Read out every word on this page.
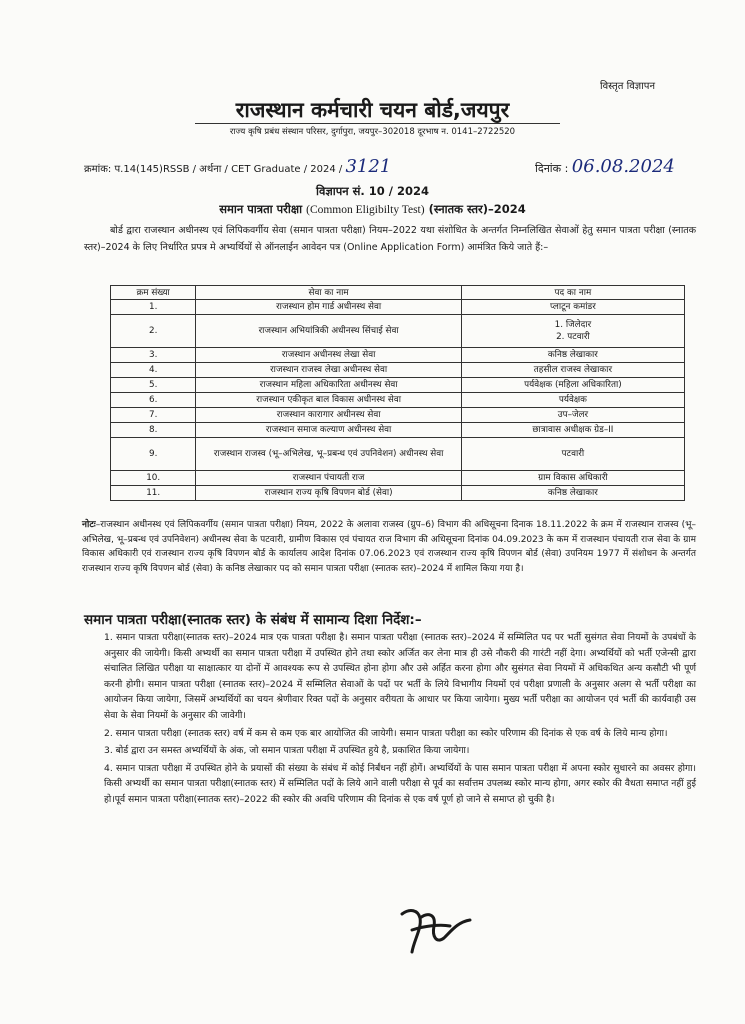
विस्तृत विज्ञापन
राजस्थान कर्मचारी चयन बोर्ड,जयपुर
राज्य कृषि प्रबंध संस्थान परिसर, दुर्गापुरा, जयपुर–302018 दूरभाष न. 0141–2722520
क्रमांक: प.14(145)RSSB / अर्थना / CET Graduate / 2024 / 3121	दिनांक : 06.08.2024
विज्ञापन सं. 10 / 2024
समान पात्रता परीक्षा (Common Eligibilty Test) (स्नातक स्तर)–2024
बोर्ड द्वारा राजस्थान अधीनस्थ एवं लिपिकवर्गीय सेवा (समान पात्रता परीक्षा) नियम–2022 यथा संशोधित के अन्तर्गत निम्नलिखित सेवाओं हेतु समान पात्रता परीक्षा (स्नातक स्तर)–2024 के लिए निर्धारित प्रपत्र मे अभ्यर्थियों से ऑनलाईन आवेदन पत्र (Online Application Form) आमंत्रित किये जाते हैं:–
क्रम संख्या	सेवा का नाम	पद का नाम
1.	राजस्थान होम गार्ड अधीनस्थ सेवा	प्लाटून कमांडर
2.	राजस्थान अभियांत्रिकी अधीनस्थ सिंचाई सेवा	1. जिलेदार
2. पटवारी
3.	राजस्थान अधीनस्थ लेखा सेवा	कनिष्ठ लेखाकार
4.	राजस्थान राजस्व लेखा अधीनस्थ सेवा	तहसील राजस्व लेखाकार
5.	राजस्थान महिला अधिकारिता अधीनस्थ सेवा	पर्यवेक्षक (महिला अधिकारिता)
6.	राजस्थान एकीकृत बाल विकास अधीनस्थ सेवा	पर्यवेक्षक
7.	राजस्थान कारागार अधीनस्थ सेवा	उप–जेलर
8.	राजस्थान समाज कल्याण अधीनस्थ सेवा	छात्रावास अधीक्षक ग्रेड–II
9.	राजस्थान राजस्व (भू–अभिलेख, भू–प्रबन्ध एवं उपनिवेशन) अधीनस्थ सेवा	पटवारी
10.	राजस्थान पंचायती राज	ग्राम विकास अधिकारी
11.	राजस्थान राज्य कृषि विपणन बोर्ड (सेवा)	कनिष्ठ लेखाकार
नोटः–राजस्थान अधीनस्थ एवं लिपिकवर्गीय (समान पात्रता परीक्षा) नियम, 2022 के अलावा राजस्व (ग्रुप–6) विभाग की अधिसूचना दिनाक 18.11.2022 के क्रम में राजस्थान राजस्व (भू–अभिलेख, भू–प्रबन्ध एवं उपनिवेशन) अधीनस्थ सेवा के पटवारी, ग्रामीण विकास एवं पंचायत राज विभाग की अधिसूचना दिनांक 04.09.2023 के कम में राजस्थान पंचायती राज सेवा के ग्राम विकास अधिकारी एवं राजस्थान राज्य कृषि विपणन बोर्ड के कार्यालय आदेश दिनांक 07.06.2023 एवं राजस्थान राज्य कृषि विपणन बोर्ड (सेवा) उपनियम 1977 में संशोधन के अन्तर्गत राजस्थान राज्य कृषि विपणन बोर्ड (सेवा) के कनिष्ठ लेखाकार पद को समान पात्रता परीक्षा (स्नातक स्तर)–2024 में शामिल किया गया है।
समान पात्रता परीक्षा(स्नातक स्तर) के संबंध में सामान्य दिशा निर्देश:–
1. समान पात्रता परीक्षा(स्नातक स्तर)–2024 मात्र एक पात्रता परीक्षा है। समान पात्रता परीक्षा (स्नातक स्तर)–2024 में सम्मिलित पद पर भर्ती सुसंगत सेवा नियमों के उपबंधों के अनुसार की जायेगी। किसी अभ्यर्थी का समान पात्रता परीक्षा में उपस्थित होने तथा स्कोर अर्जित कर लेना मात्र ही उसे नौकरी की गारंटी नहीं देगा। अभ्यर्थियों को भर्ती एजेन्सी द्वारा संचालित लिखित परीक्षा या साक्षात्कार या दोनों में आवश्यक रूप से उपस्थित होना होगा और उसे अर्हित करना होगा और सुसंगत सेवा नियमों में अधिकथित अन्य कसौटी भी पूर्ण करनी होगी। समान पात्रता परीक्षा (स्नातक स्तर)–2024 में सम्मिलित सेवाओं के पदों पर भर्ती के लिये विभागीय नियमों एवं परीक्षा प्रणाली के अनुसार अलग से भर्ती परीक्षा का आयोजन किया जायेगा, जिसमें अभ्यर्थियों का चयन श्रेणीवार रिक्त पदों के अनुसार वरीयता के आधार पर किया जायेगा। मुख्य भर्ती परीक्षा का आयोजन एवं भर्ती की कार्यवाही उस सेवा के सेवा नियमों के अनुसार की जावेगी।
2. समान पात्रता परीक्षा (स्नातक स्तर) वर्ष में कम से कम एक बार आयोजित की जायेगी। समान पात्रता परीक्षा का स्कोर परिणाम की दिनांक से एक वर्ष के लिये मान्य होगा।
3. बोर्ड द्वारा उन समस्त अभ्यर्थियों के अंक, जो समान पात्रता परीक्षा में उपस्थित हुये है, प्रकाशित किया जायेगा।
4. समान पात्रता परीक्षा में उपस्थित होने के प्रयासों की संख्या के संबंध में कोई निर्बंधन नहीं होगें। अभ्यर्थियों के पास समान पात्रता परीक्षा में अपना स्कोर सुधारने का अवसर होगा। किसी अभ्यर्थी का समान पात्रता परीक्षा(स्नातक स्तर) में सम्मिलित पदों के लिये आने वाली परीक्षा से पूर्व का सर्वात्तम उपलब्ध स्कोर मान्य होगा, अगर स्कोर की वैधता समाप्त नहीं हुई हो।पूर्व समान पात्रता परीक्षा(स्नातक स्तर)–2022 की स्कोर की अवधि परिणाम की दिनांक से एक वर्ष पूर्ण हो जाने से समाप्त हो चुकी है।
